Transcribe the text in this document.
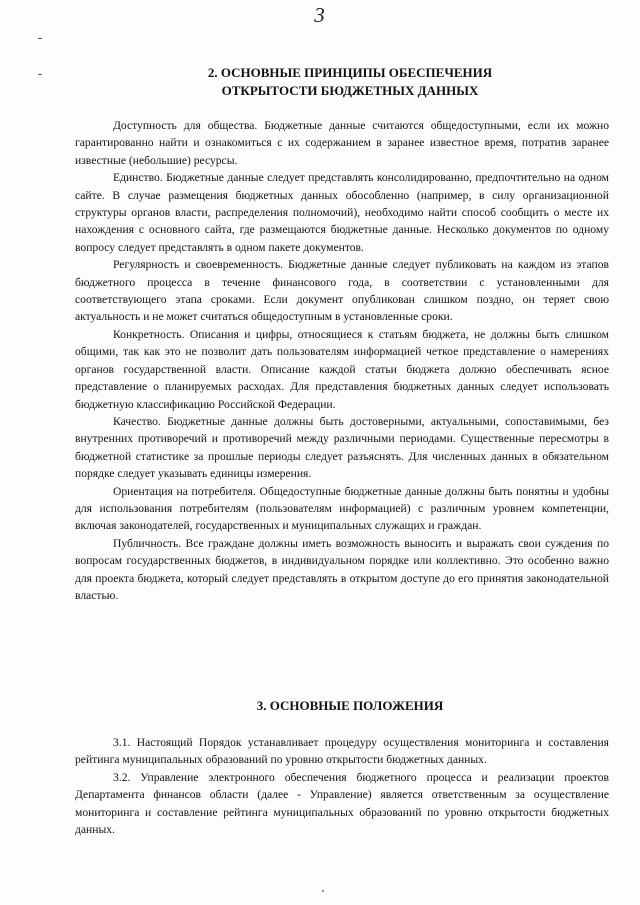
3
2. ОСНОВНЫЕ ПРИНЦИПЫ ОБЕСПЕЧЕНИЯ
ОТКРЫТОСТИ БЮДЖЕТНЫХ ДАННЫХ

Доступность для общества. Бюджетные данные считаются общедоступными, если их можно гарантированно найти и ознакомиться с их содержанием в заранее известное время, потратив заранее известные (небольшие) ресурсы.

Единство. Бюджетные данные следует представлять консолидированно, предпочтительно на одном сайте. В случае размещения бюджетных данных обособленно (например, в силу организационной структуры органов власти, распределения полномочий), необходимо найти способ сообщить о месте их нахождения с основного сайта, где размещаются бюджетные данные. Несколько документов по одному вопросу следует представлять в одном пакете документов.

Регулярность и своевременность. Бюджетные данные следует публиковать на каждом из этапов бюджетного процесса в течение финансового года, в соответствии с установленными для соответствующего этапа сроками. Если документ опубликован слишком поздно, он теряет свою актуальность и не может считаться общедоступным в установленные сроки.

Конкретность. Описания и цифры, относящиеся к статьям бюджета, не должны быть слишком общими, так как это не позволит дать пользователям информацией четкое представление о намерениях органов государственной власти. Описание каждой статьи бюджета должно обеспечивать ясное представление о планируемых расходах. Для представления бюджетных данных следует использовать бюджетную классификацию Российской Федерации.

Качество. Бюджетные данные должны быть достоверными, актуальными, сопоставимыми, без внутренних противоречий и противоречий между различными периодами. Существенные пересмотры в бюджетной статистике за прошлые периоды следует разъяснять. Для численных данных в обязательном порядке следует указывать единицы измерения.

Ориентация на потребителя. Общедоступные бюджетные данные должны быть понятны и удобны для использования потребителям (пользователям информацией) с различным уровнем компетенции, включая законодателей, государственных и муниципальных служащих и граждан.

Публичность. Все граждане должны иметь возможность выносить и выражать свои суждения по вопросам государственных бюджетов, в индивидуальном порядке или коллективно. Это особенно важно для проекта бюджета, который следует представлять в открытом доступе до его принятия законодательной властью.

3. ОСНОВНЫЕ ПОЛОЖЕНИЯ

3.1. Настоящий Порядок устанавливает процедуру осуществления мониторинга и составления рейтинга муниципальных образований по уровню открытости бюджетных данных.

3.2. Управление электронного обеспечения бюджетного процесса и реализации проектов Департамента финансов области (далее - Управление) является ответственным за осуществление мониторинга и составление рейтинга муниципальных образований по уровню открытости бюджетных данных.
